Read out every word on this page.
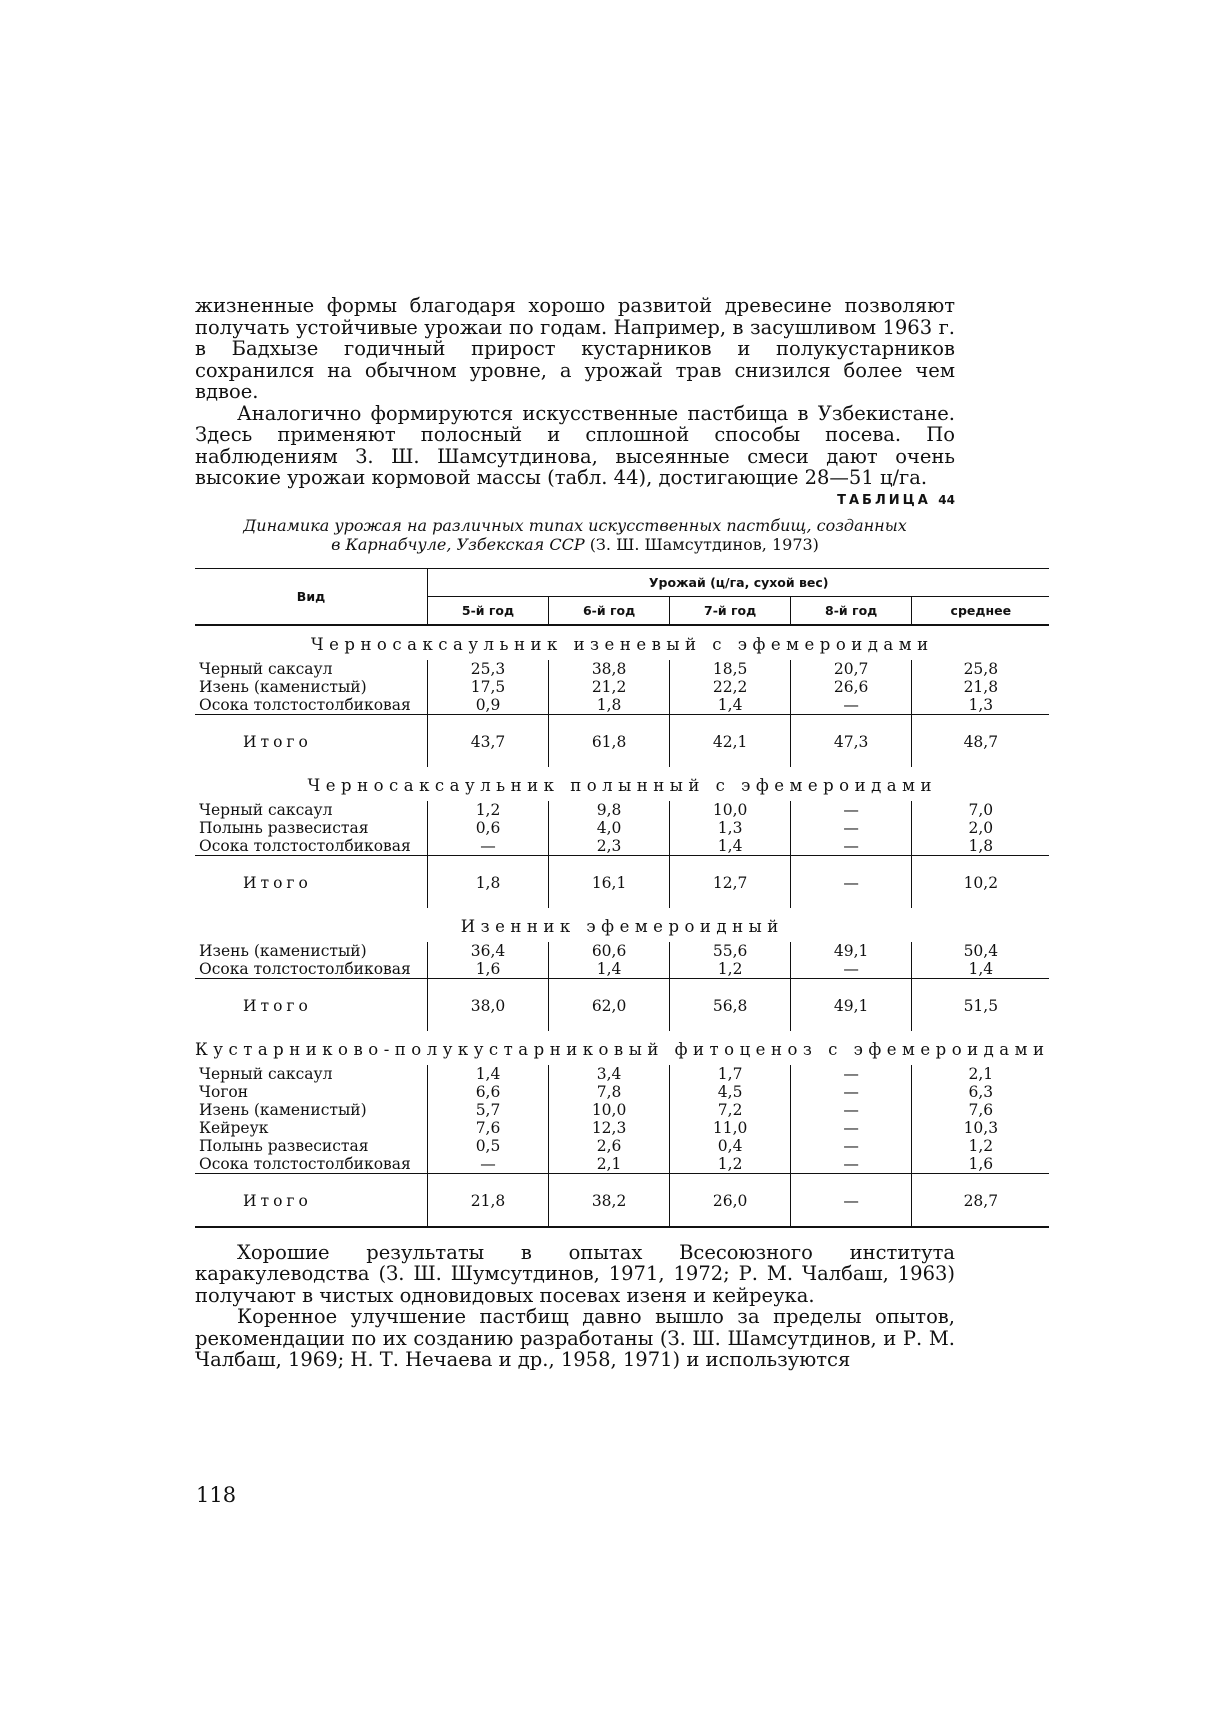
жизненные формы благодаря хорошо развитой древесине позволяют получать устойчивые урожаи по годам. Например, в засушливом 1963 г. в Бадхызе годичный прирост кустарников и полукустарников сохранился на обычном уровне, а урожай трав снизился более чем вдвое.

Аналогично формируются искусственные пастбища в Узбекистане. Здесь применяют полосный и сплошной способы посева. По наблюдениям З. Ш. Шамсутдинова, высеянные смеси дают очень высокие урожаи кормовой массы (табл. 44), достигающие 28—51 ц/га.

ТАБЛИЦА 44
Динамика урожая на различных типах искусственных пастбищ, созданных
в Карнабчуле, Узбекская ССР (З. Ш. Шамсутдинов, 1973)
Вид	Урожай (ц/га, сухой вес)				
	5-й год	6-й год	7-й год	8-й год	среднее
Черносаксаульник изеневый с эфемероидами					
Черный саксаул	25,3	38,8	18,5	20,7	25,8
Изень (каменистый)	17,5	21,2	22,2	26,6	21,8
Осока толстостолбиковая	0,9	1,8	1,4	—	1,3
Итого	43,7	61,8	42,1	47,3	48,7
Черносаксаульник полынный с эфемероидами					
Черный саксаул	1,2	9,8	10,0	—	7,0
Полынь развесистая	0,6	4,0	1,3	—	2,0
Осока толстостолбиковая	—	2,3	1,4	—	1,8
Итого	1,8	16,1	12,7	—	10,2
Изенник эфемероидный					
Изень (каменистый)	36,4	60,6	55,6	49,1	50,4
Осока толстостолбиковая	1,6	1,4	1,2	—	1,4
Итого	38,0	62,0	56,8	49,1	51,5
Кустарниково-полукустарниковый фитоценоз с эфемероидами					
Черный саксаул	1,4	3,4	1,7	—	2,1
Чогон	6,6	7,8	4,5	—	6,3
Изень (каменистый)	5,7	10,0	7,2	—	7,6
Кейреук	7,6	12,3	11,0	—	10,3
Полынь развесистая	0,5	2,6	0,4	—	1,2
Осока толстостолбиковая	—	2,1	1,2	—	1,6
Итого	21,8	38,2	26,0	—	28,7

Хорошие результаты в опытах Всесоюзного института каракулеводства (З. Ш. Шумсутдинов, 1971, 1972; Р. М. Чалбаш, 1963) получают в чистых одновидовых посевах изеня и кейреука.

Коренное улучшение пастбищ давно вышло за пределы опытов, рекомендации по их созданию разработаны (З. Ш. Шамсутдинов, и Р. М. Чалбаш, 1969; Н. Т. Нечаева и др., 1958, 1971) и используются

118
